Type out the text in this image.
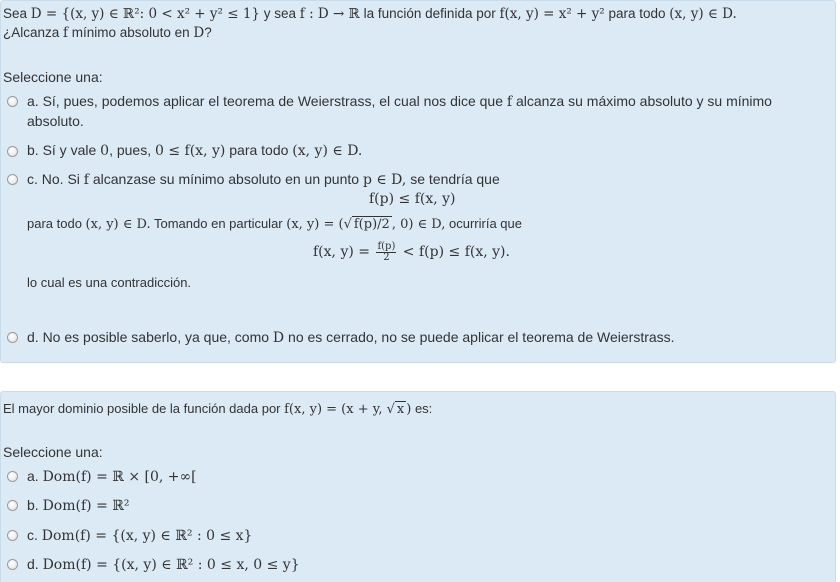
Sea D = {(x, y) ∈ ℝ²: 0 < x² + y² ≤ 1} y sea f : D → ℝ la función definida por f(x, y) = x² + y² para todo (x, y) ∈ D.
¿Alcanza f mínimo absoluto en D?
Seleccione una:
a. Sí, pues, podemos aplicar el teorema de Weierstrass, el cual nos dice que f alcanza su máximo absoluto y su mínimo
absoluto.
b. Sí y vale 0, pues, 0 ≤ f(x, y) para todo (x, y) ∈ D.
c. No. Si f alcanzase su mínimo absoluto en un punto p ∈ D, se tendría que
f(p) ≤ f(x, y)
para todo (x, y) ∈ D. Tomando en particular (x, y) = (√ f(p)/2 , 0) ∈ D, ocurriría que
f(x, $y) = \frac{f(p)}{2} < f(p) \le f(x$, y).
lo cual es una contradicción.
d. No es posible saberlo, ya que, como D no es cerrado, no se puede aplicar el teorema de Weierstrass.
El mayor dominio posible de la función dada por f(x, y) = (x + y, √ x ) es:
Seleccione una:
a. Dom(f) = ℝ × [0, +∞[
b. Dom(f) = ℝ²
c. Dom(f) = {(x, y) ∈ ℝ² : 0 ≤ x}
d. Dom(f) = {(x, y) ∈ ℝ² : 0 ≤ x, 0 ≤ y}
